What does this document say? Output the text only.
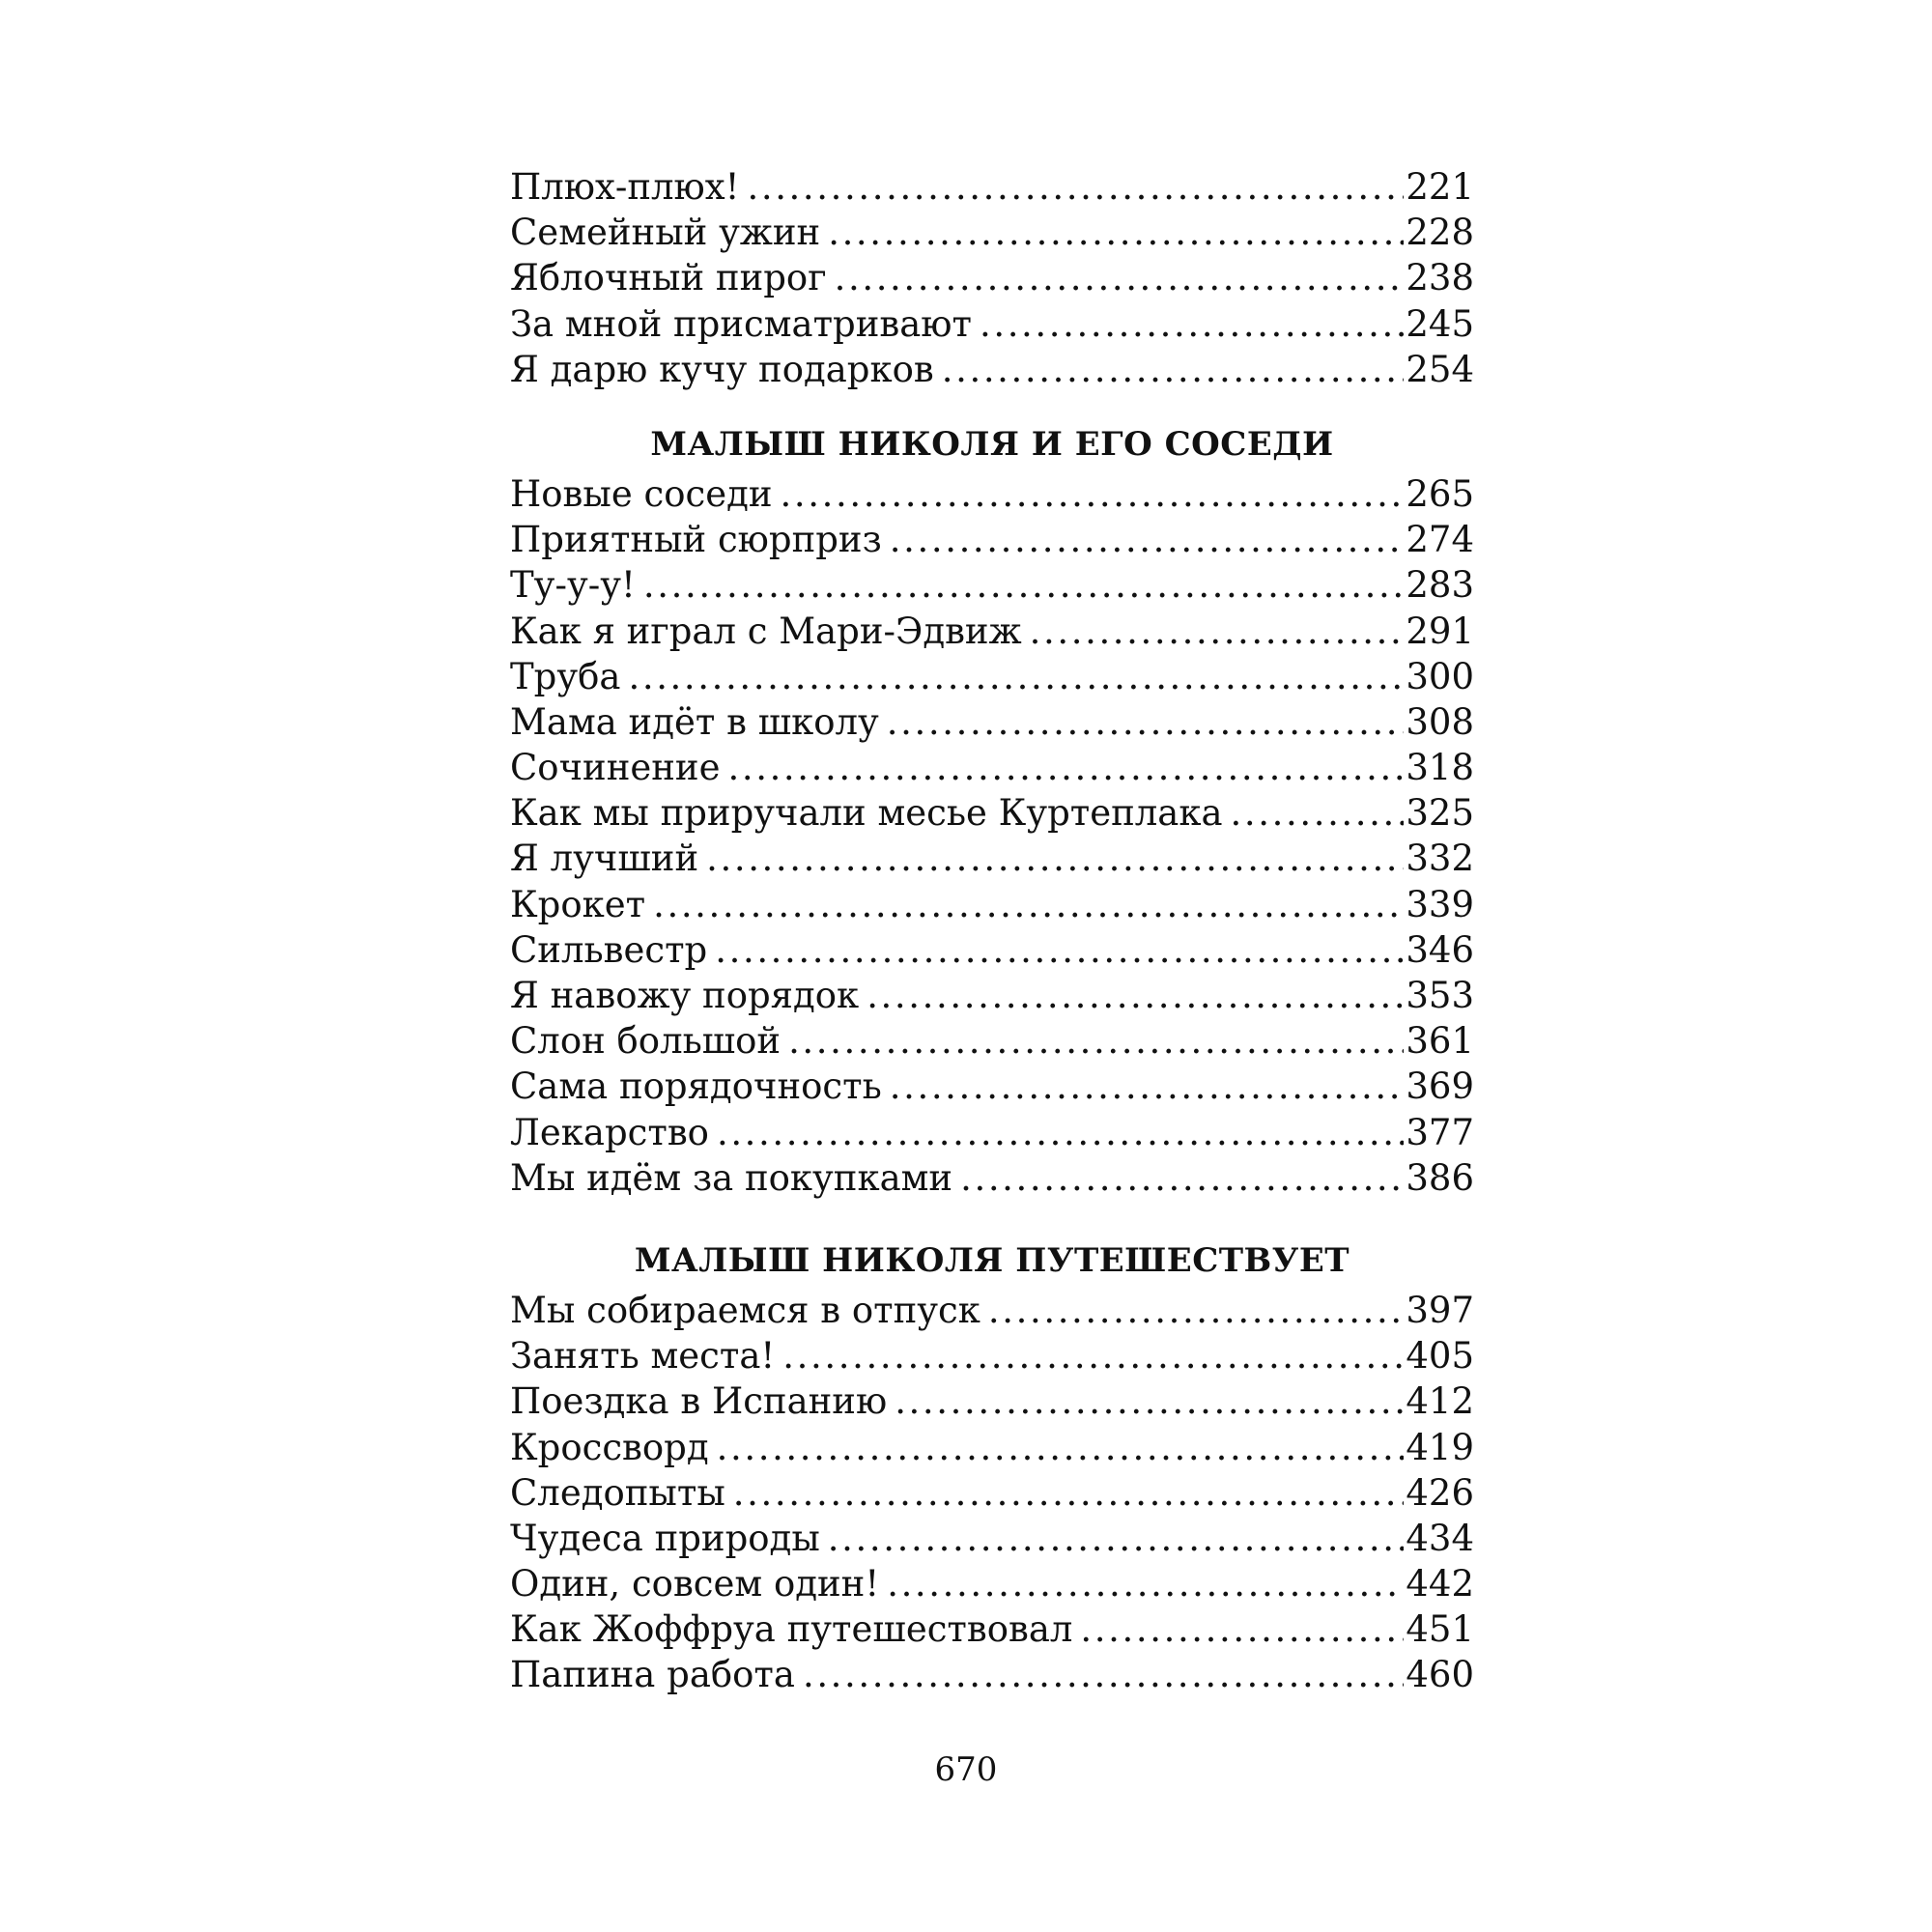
Плюх-плюх! .....	221
Семейный ужин .....	228
Яблочный пирог .....	238
За мной присматривают .....	245
Я дарю кучу подарков .....	254
МАЛЫШ НИКОЛЯ И ЕГО СОСЕДИ
Новые соседи .....	265
Приятный сюрприз .....	274
Ту-у-у! .....	283
Как я играл с Мари-Эдвиж .....	291
Труба .....	300
Мама идёт в школу .....	308
Сочинение .....	318
Как мы приручали месье Куртеплака .....	325
Я лучший .....	332
Крокет .....	339
Сильвестр .....	346
Я навожу порядок .....	353
Слон большой .....	361
Сама порядочность .....	369
Лекарство .....	377
Мы идём за покупками .....	386
МАЛЫШ НИКОЛЯ ПУТЕШЕСТВУЕТ
Мы собираемся в отпуск .....	397
Занять места! .....	405
Поездка в Испанию .....	412
Кроссворд .....	419
Следопыты .....	426
Чудеса природы .....	434
Один, совсем один! .....	442
Как Жоффруа путешествовал .....	451
Папина работа .....	460
670
